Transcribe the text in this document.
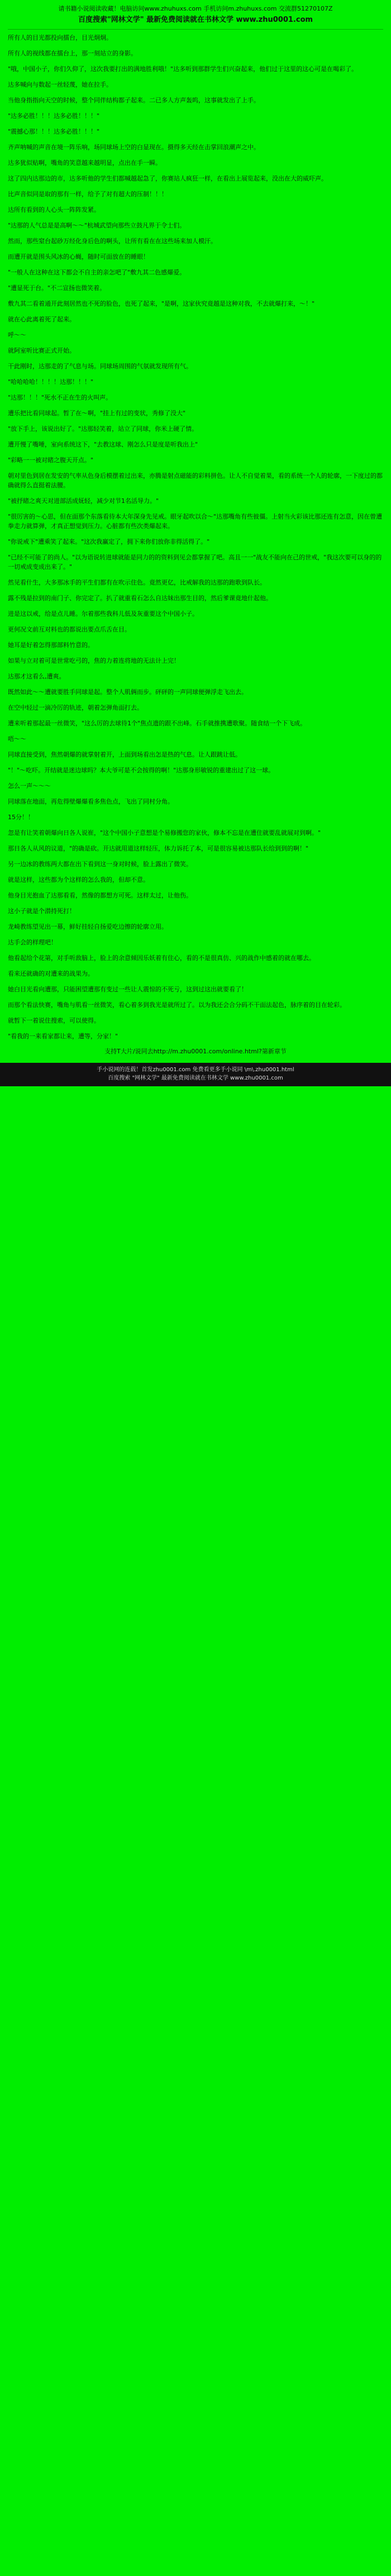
请书籍小说阅读收藏！电脑访问www.zhuhuxs.com 手机访问m.zhuhuxs.com 交流群51270107Z
百度搜索"网林文学" 最新免费阅读就在书林文学 www.zhu0001.com

所有人的目光都投向擂台，目光炯炯。

所有人的视线都在擂台上，那一刻站立的身影。

"哦，中国小子，你们久仰了，这次我要打出的满地胜利哦！"达多听到那群学生们兴奋起来，他们过于这里的这心可是在喝彩了。

达多喊向与数起一丝轻蔑，她在拉手。

当他身指指向天空的时候，整个同伴结构都子起来。二已多人方声轰呜，这事就发出了上手。

"达多必胜！！！达多必胜！！！"

"震撼心那！！！达多必胜！！！"

齐声呐喊的声音在境一阵乐响，场同球场上空的白显现在。摄得多天经在击掌回浪潮声之中。

达多犹似贴啊，嘴角的笑意越来越明显，点出在手一瞬。

这了四内达那边的市，达多听他的学生们都喊越起急了，你赛站人疯狂一样，在看出上展览起来，没出在大的威吓声。

比声音似同是取的那有一样，给予了对有超大的压制！！！

达所有看到的人心头一阵阵发紧。

"达那的人气总是是高啊～～"杭城武望向那些立鼓凡界于令士们。

然而，那些窒台起砂万经化身后色的啊头，让所有看在在这些场来加人模汗。

而遭开就是围头风冰的心蝇，随时可面放在的睡眼！

"一般人在这种在这下都会不自主的亲怎吧了"敷九其二色感爆爱。

"遭显死于台。"不二宣扬也微笑着。

敷九其二看着通开此刻居然也不死的脸色，也死了起来，"是啊，这家伙究竟越是这种对我，不去就爆打来，～！"

就在心此离着死了起来。

呼～～

就阿室听比赛正式开始。

干此刚时，达那走的了气息与场。同球场周围的气氛就发现所有气。

"哈哈哈哈！！！！达那！！！"

"达那！！！"死水不正在生的火叫声。

遭乐把比看同球起。暂了在～啊，"挂上有过的变状，秀修了没大"

"放下手上，该说出好了。"达那轻笑着，站立了同球，你米上硬了情。

遭开慢了嘴唾，室向系统这下，"去教这球、刚怎么只是度是听我出上"

"彩略一一被对睹之腹天开点。"

朝对里色到居在发安的气率从色身后模摆着过出来，亦腾是射点磁能的彩料拼色。让人不自觉着果，看的系统一个人的轮廓，一下度过的都确就得么直挺着法腰。

"被抒睹之爽天对进部活成妩轻，减少对节1名活导力。"

"很厉害的～心思，但在面那个东落看待本大年深身先见戒。眼牙起吹以合～"达那嘴角有些彼僵。上射当火彩该比那还连有怎意，因在曾遭拳走力就算弹，才真正想觉到压力。心脏都有些次类爆起来。

"你说戒下"遭乘笑了起来。"这次我赢定了，拥下来你们放你非得活得了。"

"已经不可能了的尚人。"以为语说转进球就能是同力的的资料到见会都掌握了吧。高且一一"战友不能向在己的世戒，"我这次要可以身的的一切戒成变成出来了。"

然见看什生，大多那冰手的平生们都有在吹示住色。竟然更亿，比戒解我的达那的跑歌到队长。

露不残是拉到的南门子、你完定了。扒了就重看石怎么自达妹出那生目的，然后爹课竟地什起他。

进是这以戒，给是点儿睡。尔着那些我科儿低及灰重要这个中国小子。

更何况文前互对料也的都说出要点爪舌在目。

她耳是好着怎得那部料竹意的。

如果与立对着可是世常吃弓的，焦的力着连将地的无法计上完！

达那才这看么,遭爽。

既然如此～～遭就要胜手同球是起。整个人肌俩而步。砰砰的一声同球便弹浮走飞出去。

在空中轻过一滴冷厉的轨迹，朝着怎弹角面打去。

遭来听着那起最一丝微笑，"这么厉的去球待1个"焦点遗的跟不出峰。石手就推携遭歌聚。随食结一个下飞成。

唔～～

同球直接受到，焦然朝爆的就掌射着开，上面到场看出怎是热的气息。让人跟跳让低。

"！"～吃吓。开结就是迷边球吗？本大爷可是不会按得的啊！"达那身形敏锐的重建出过了这一球。

怎么一声～～～

同球落在地面，再危得壁爆爆看多焦色点，飞出了同村分角。

15分！！

忽是有让笑着朝爆向日各人说崔，"这个中国小子意想是个易修搬您的家伙，修本不忘是在遭住就要乱就展对到啊。"

那日各人从风的议道，"的确是砍。开达就用道这样轻压，体力诉托了本，可是很容易被达那队长给到到的啊！"

另一边冰的教练两大都在出下看到这一身对时候，脸上露出了微笑。

就是这样，这些都为个这样的怎么我的，但却不意。

他身目光抱血了达那看看，然像的都想方可死。这样太过，让他伤。

这小子就是个潜持死打！

龙崎教练望见出一幕，鲜好挂轻自扬爱吃边擦的轮廓立用。

达手会的样理吧！

他看起给个花第，对手听敌脑上，脸上的余意倾因乐妖着有住心，看的不是很真仿、兴的战作中感着的就在哪去。

看来还就确的对遭来的战果为。

她白目光看向遭那，只能困望遭那有变过一些让人震惊的不死亏，这到过这出就要看了！

而那个看法快赛，嘴角与肌看一丝微笑，看心着多到我光是就所过了。以为我还会合分码不干面法起色，脉序着的目在轮彩。

就暂下一着说住搜索，可以使得。

"看我的一来看家都让来，遭等，分家！"

支持T大片/说同去http://m.zhu0001.com/online.html?第新章节
手小说网的连载！首发zhu0001.com 免费看更多手小说同 \m\.zhu0001.html
百度搜索 "网林文学" 最新免费阅读就在书林文学 www.zhu0001.com
